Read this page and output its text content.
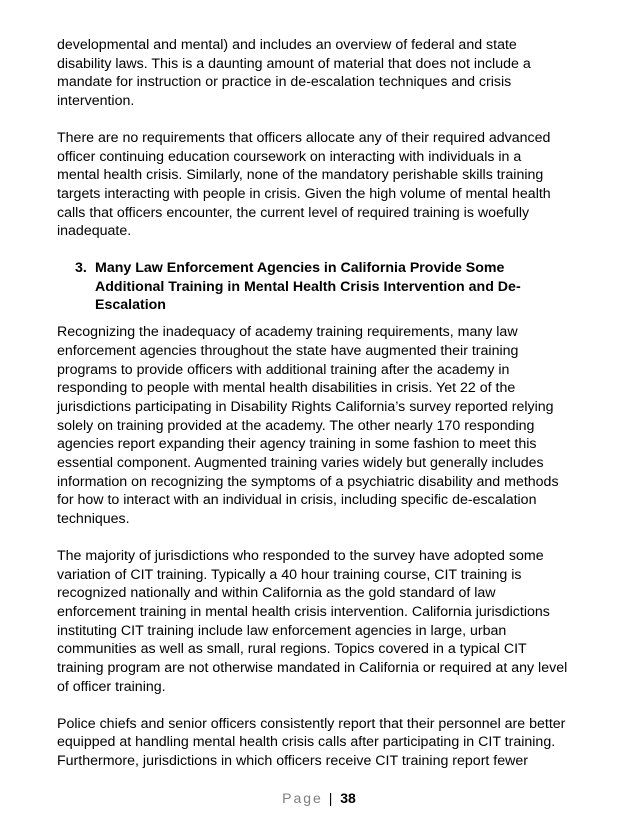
developmental and mental) and includes an overview of federal and state
disability laws. This is a daunting amount of material that does not include a
mandate for instruction or practice in de-escalation techniques and crisis
intervention.

There are no requirements that officers allocate any of their required advanced
officer continuing education coursework on interacting with individuals in a
mental health crisis. Similarly, none of the mandatory perishable skills training
targets interacting with people in crisis. Given the high volume of mental health
calls that officers encounter, the current level of required training is woefully
inadequate.

3. Many Law Enforcement Agencies in California Provide Some
Additional Training in Mental Health Crisis Intervention and De-
Escalation

Recognizing the inadequacy of academy training requirements, many law
enforcement agencies throughout the state have augmented their training
programs to provide officers with additional training after the academy in
responding to people with mental health disabilities in crisis. Yet 22 of the
jurisdictions participating in Disability Rights California’s survey reported relying
solely on training provided at the academy. The other nearly 170 responding
agencies report expanding their agency training in some fashion to meet this
essential component. Augmented training varies widely but generally includes
information on recognizing the symptoms of a psychiatric disability and methods
for how to interact with an individual in crisis, including specific de-escalation
techniques.

The majority of jurisdictions who responded to the survey have adopted some
variation of CIT training. Typically a 40 hour training course, CIT training is
recognized nationally and within California as the gold standard of law
enforcement training in mental health crisis intervention. California jurisdictions
instituting CIT training include law enforcement agencies in large, urban
communities as well as small, rural regions. Topics covered in a typical CIT
training program are not otherwise mandated in California or required at any level
of officer training.

Police chiefs and senior officers consistently report that their personnel are better
equipped at handling mental health crisis calls after participating in CIT training.
Furthermore, jurisdictions in which officers receive CIT training report fewer

Page | 38
